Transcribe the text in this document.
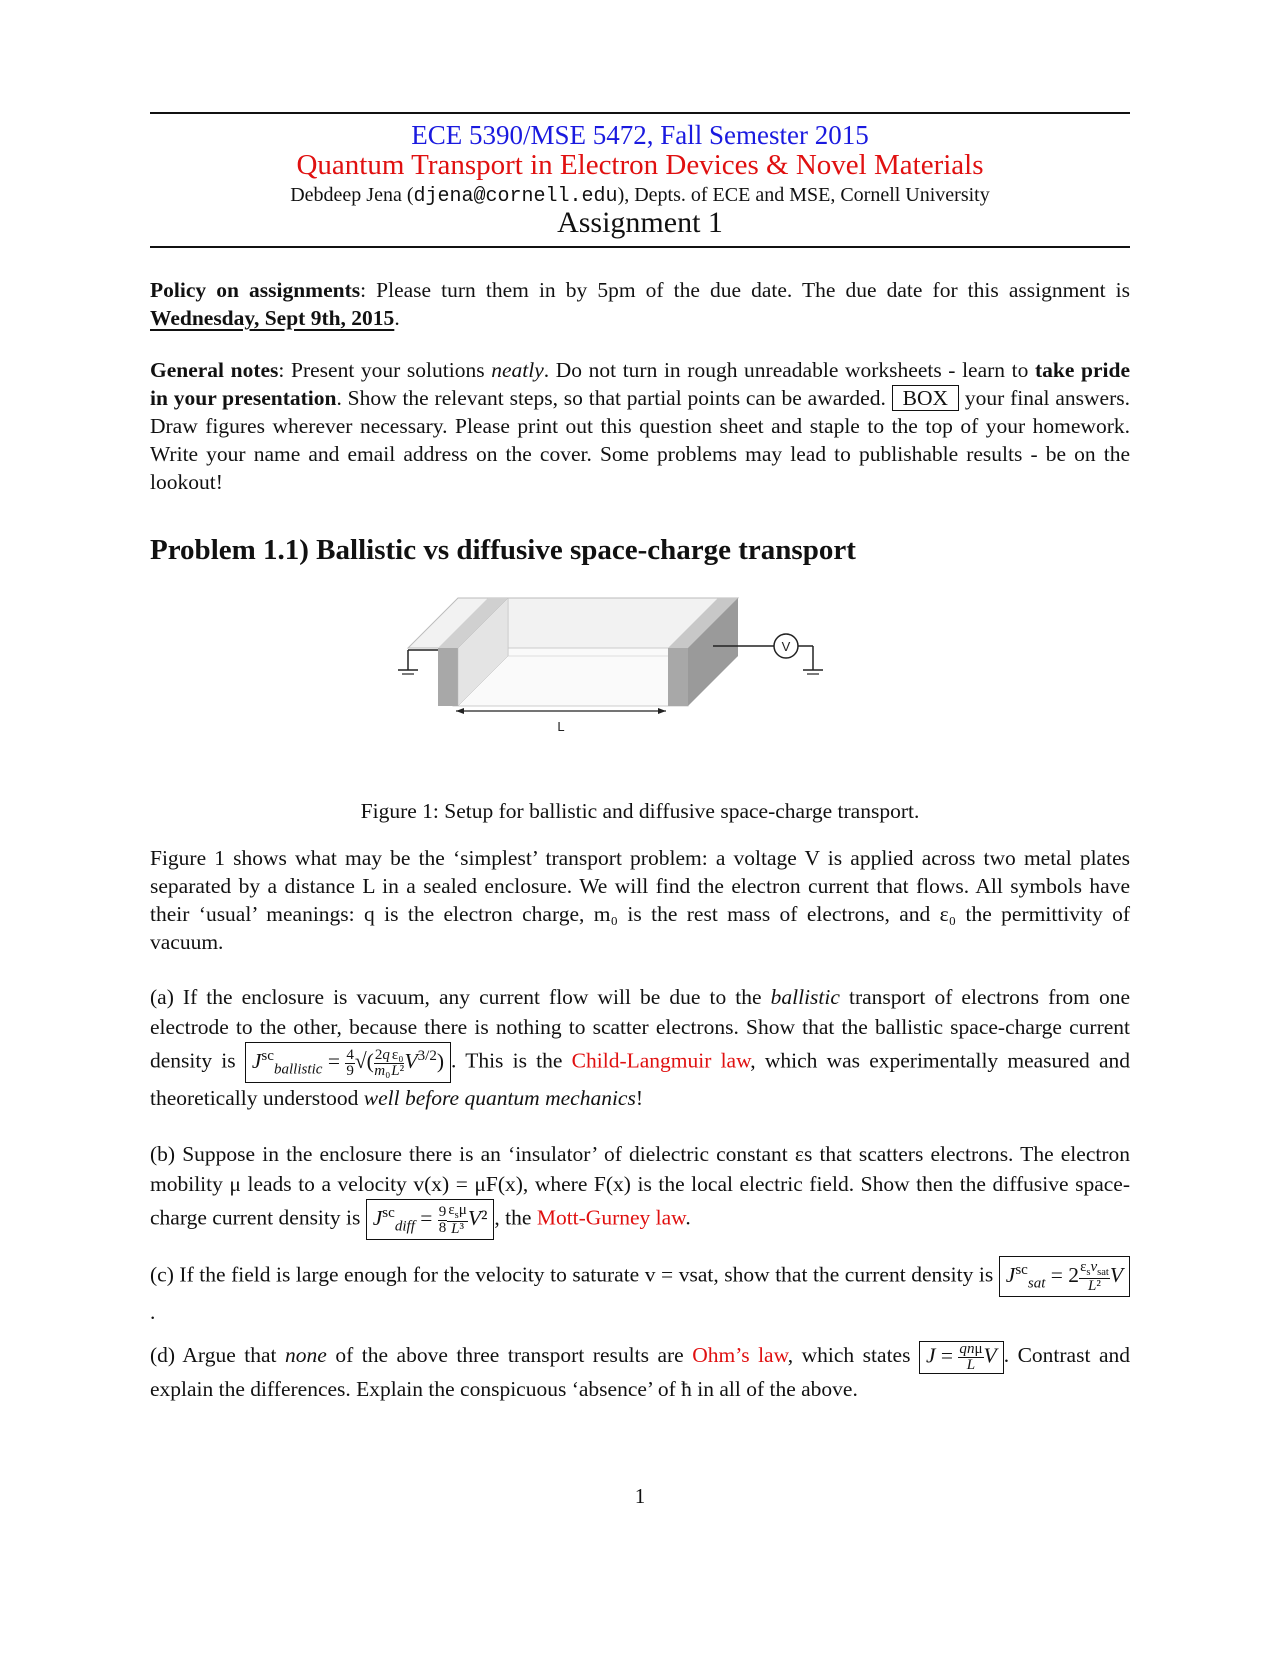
ECE 5390/MSE 5472, Fall Semester 2015
Quantum Transport in Electron Devices & Novel Materials
Debdeep Jena (djena@cornell.edu), Depts. of ECE and MSE, Cornell University
Assignment 1
Policy on assignments: Please turn them in by 5pm of the due date. The due date for this assignment is Wednesday, Sept 9th, 2015.
General notes: Present your solutions neatly. Do not turn in rough unreadable worksheets - learn to take pride in your presentation. Show the relevant steps, so that partial points can be awarded. BOX your final answers. Draw figures wherever necessary. Please print out this question sheet and staple to the top of your homework. Write your name and email address on the cover. Some problems may lead to publishable results - be on the lookout!
Problem 1.1) Ballistic vs diffusive space-charge transport
V
L
Figure 1: Setup for ballistic and diffusive space-charge transport.
Figure 1 shows what may be the ‘simplest’ transport problem: a voltage V is applied across two metal plates separated by a distance L in a sealed enclosure. We will find the electron current that flows. All symbols have their ‘usual’ meanings: q is the electron charge, m₀ is the rest mass of electrons, and ε₀ the permittivity of vacuum.
(a) If the enclosure is vacuum, any current flow will be due to the ballistic transport of electrons from one electrode to the other, because there is nothing to scatter electrons. Show that the ballistic space-charge current density is $J^{sc}_{ballistic} = \frac{4}{9}$ √( $\frac{2q}{\text{m₀}} \frac{\text{ε₀}}{\text{L²}} V^{3/2}$) . This is the Child-Langmuir law, which was experimentally measured and theoretically understood well before quantum mechanics!
(b) Suppose in the enclosure there is an ‘insulator’ of dielectric constant εs that scatters electrons. The electron mobility μ leads to a velocity v(x) = μF(x), where F(x) is the local electric field. Show then the diffusive space-charge current density is $J^{sc}_{diff} = \frac{9}{8} \frac{\varepsilon_s\mu}{\text{L³}} V^2$ , the Mott-Gurney law.
(c) If the field is large enough for the velocity to saturate v = vsat, show that the current density is $J^{sc}_{sat} = 2 \frac{\varepsilon_sv_{sat}}{\text{L²}} V$.
(d) Argue that none of the above three transport results are Ohm’s law, which states $J = \frac{\text{qnμ}}{L}$ V . Contrast and explain the differences. Explain the conspicuous ‘absence’ of ħ in all of the above.
1
